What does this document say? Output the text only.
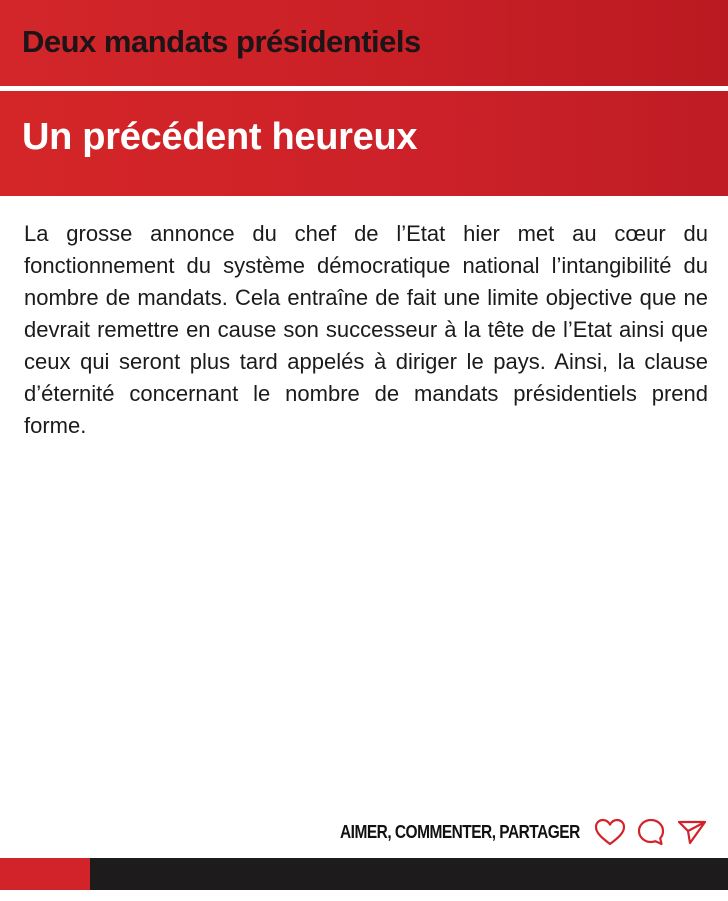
Deux mandats présidentiels
Un précédent heureux

La grosse annonce du chef de l’Etat hier met au cœur du fonctionnement du système démocratique national l’intangibilité du nombre de mandats. Cela entraîne de fait une limite objective que ne devrait remettre en cause son successeur à la tête de l’Etat ainsi que ceux qui seront plus tard appelés à diriger le pays. Ainsi, la clause d’éternité concernant le nombre de mandats présidentiels prend forme.

AIMER, COMMENTER, PARTAGER
